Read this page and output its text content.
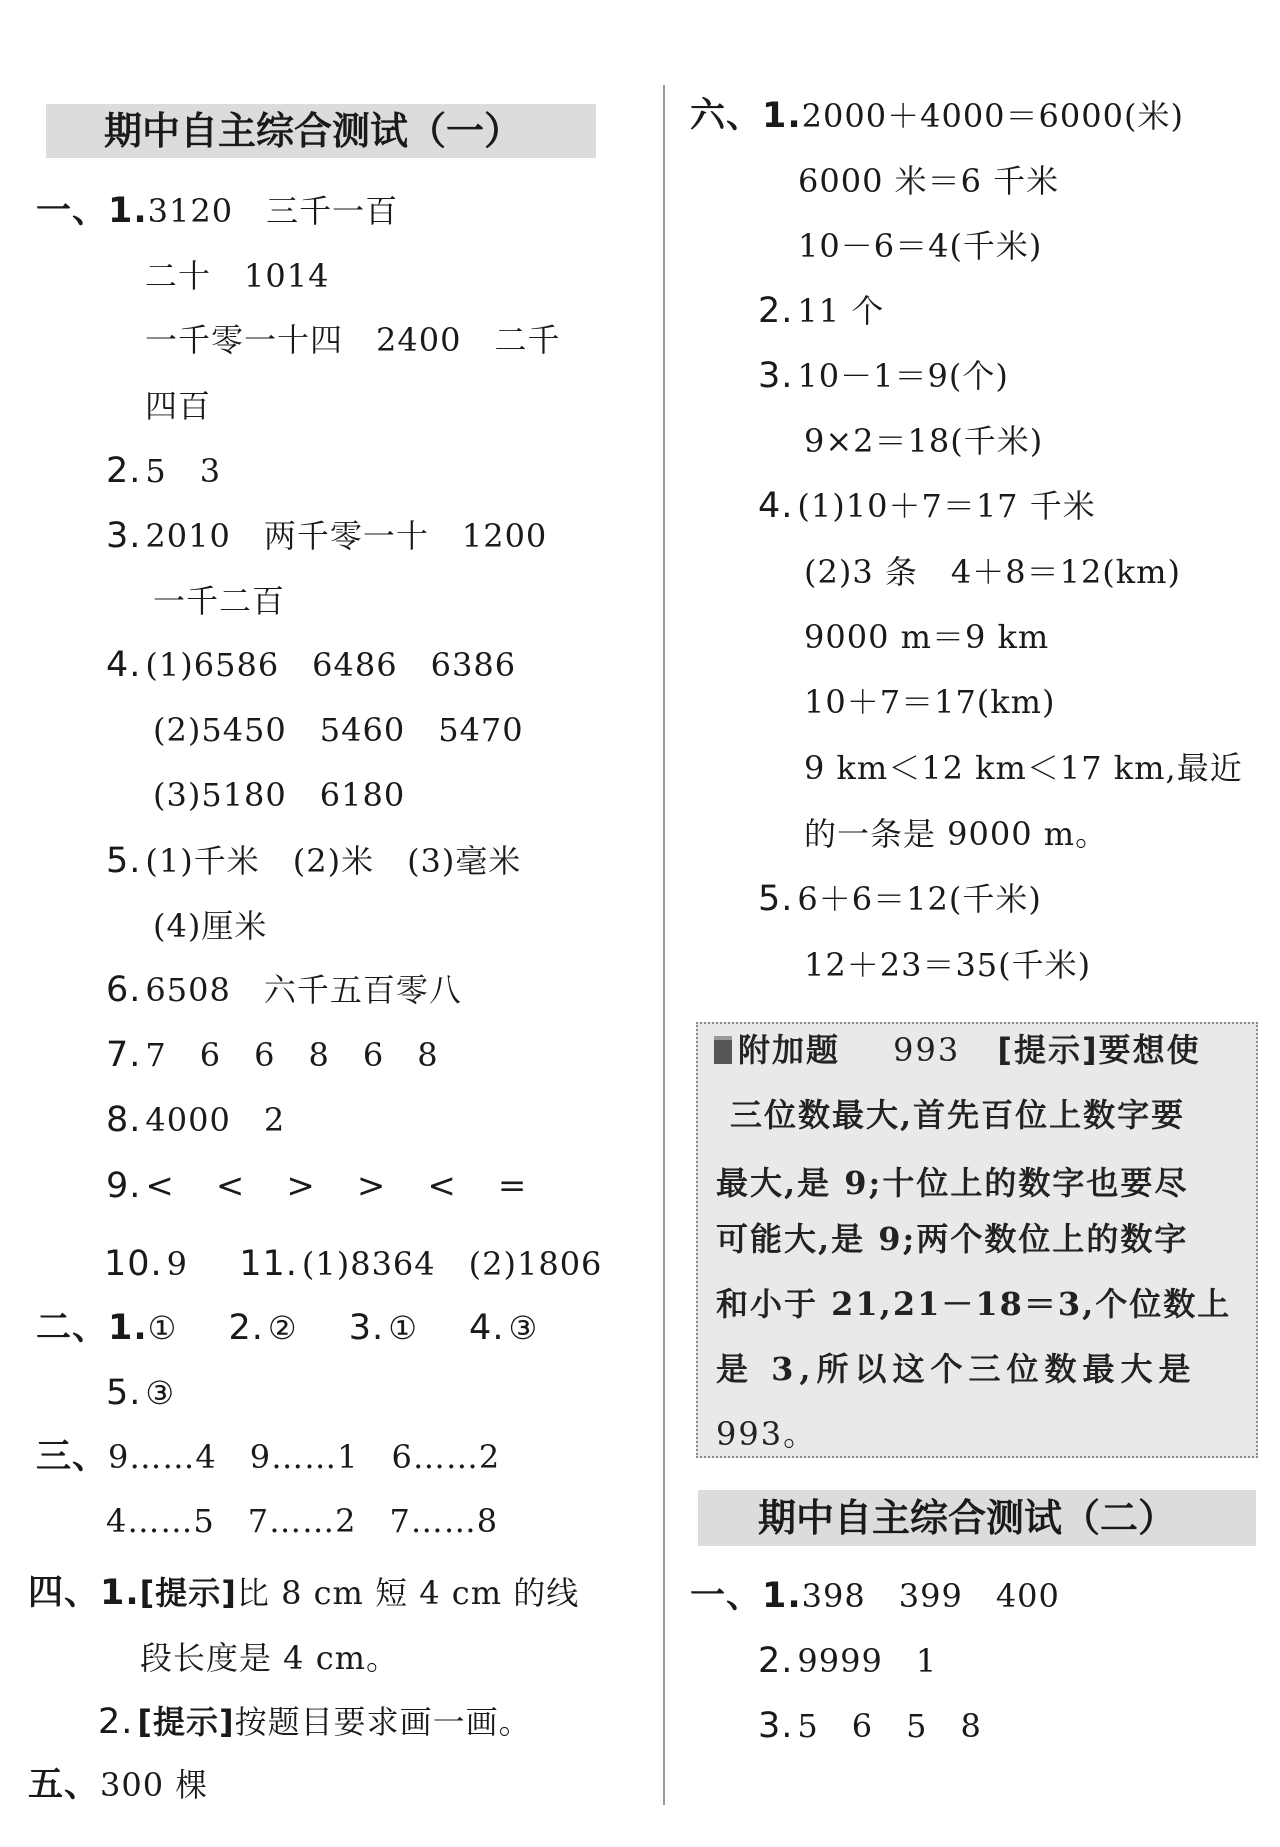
期中自主综合测试（一）
一、1.3120　三千一百
二十　1014
一千零一十四　2400　二千
四百
2. 5　3
3. 2010　两千零一十　1200
一千二百
4. (1)6586　6486　6386
(2)5450　5460　5470
(3)5180　6180
5. (1)千米　(2)米　(3)毫米
(4)厘米
6. 6508　六千五百零八
7. 7　6　6　8　6　8
8. 4000　2
9. <　<　>　>　<　=
10. 9 11. (1)8364　(2)1806
二、1.① 2. ② 3. ① 4. ③
5. ③
三、9……4　9……1　6……2
4……5　7……2　7……8
四、1.[提示]比 8 cm 短 4 cm 的线
段长度是 4 cm。
2. [提示]按题目要求画一画。
五、300 棵
六、1.2000＋4000＝6000(米)
6000 米＝6 千米
10－6＝4(千米)
2. 11 个
3. 10－1＝9(个)
9×2＝18(千米)
4. (1)10＋7＝17 千米
(2)3 条　4＋8＝12(km)
9000 m＝9 km
10＋7＝17(km)
9 km＜12 km＜17 km,最近
的一条是 9000 m。
5. 6＋6＝12(千米)
12＋23＝35(千米)
附加题 993 [提示]要想使
三位数最大,首先百位上数字要
最大,是 9;十位上的数字也要尽
可能大,是 9;两个数位上的数字
和小于 21,21－18＝3,个位数上
是 3,所以这个三位数最大是
993。
期中自主综合测试（二）
一、1.398　399　400
2. 9999　1
3. 5　6　5　8
